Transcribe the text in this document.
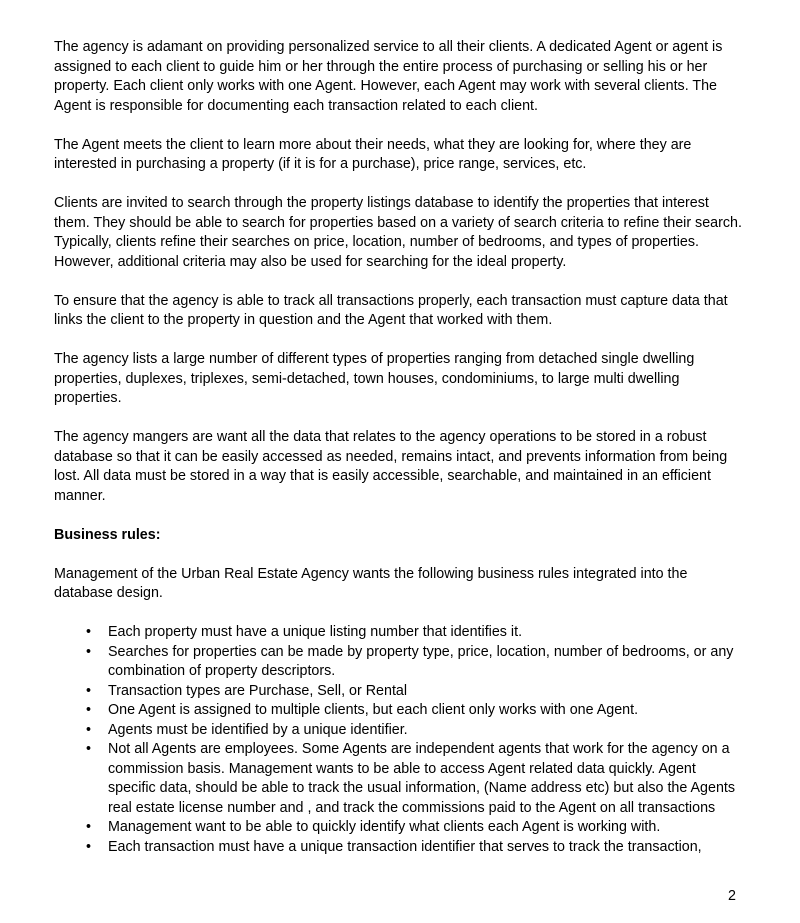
The agency is adamant on providing personalized service to all their clients. A dedicated Agent or agent is assigned to each client to guide him or her through the entire process of purchasing or selling his or her property. Each client only works with one Agent. However, each Agent may work with several clients. The Agent is responsible for documenting each transaction related to each client.

The Agent meets the client to learn more about their needs, what they are looking for, where they are interested in purchasing a property (if it is for a purchase), price range, services, etc.

Clients are invited to search through the property listings database to identify the properties that interest them. They should be able to search for properties based on a variety of search criteria to refine their search. Typically, clients refine their searches on price, location, number of bedrooms, and types of properties. However, additional criteria may also be used for searching for the ideal property.

To ensure that the agency is able to track all transactions properly, each transaction must capture data that links the client to the property in question and the Agent that worked with them.

The agency lists a large number of different types of properties ranging from detached single dwelling properties, duplexes, triplexes, semi-detached, town houses, condominiums, to large multi dwelling properties.

The agency mangers are want all the data that relates to the agency operations to be stored in a robust database so that it can be easily accessed as needed, remains intact, and prevents information from being lost. All data must be stored in a way that is easily accessible, searchable, and maintained in an efficient manner.

Business rules:

Management of the Urban Real Estate Agency wants the following business rules integrated into the database design.

• Each property must have a unique listing number that identifies it.
• Searches for properties can be made by property type, price, location, number of bedrooms, or any combination of property descriptors.
• Transaction types are Purchase, Sell, or Rental
• One Agent is assigned to multiple clients, but each client only works with one Agent.
• Agents must be identified by a unique identifier.
• Not all Agents are employees. Some Agents are independent agents that work for the agency on a commission basis. Management wants to be able to access Agent related data quickly. Agent specific data, should be able to track the usual information, (Name address etc) but also the Agents real estate license number and , and track the commissions paid to the Agent on all transactions
• Management want to be able to quickly identify what clients each Agent is working with.
• Each transaction must have a unique transaction identifier that serves to track the transaction,
2
